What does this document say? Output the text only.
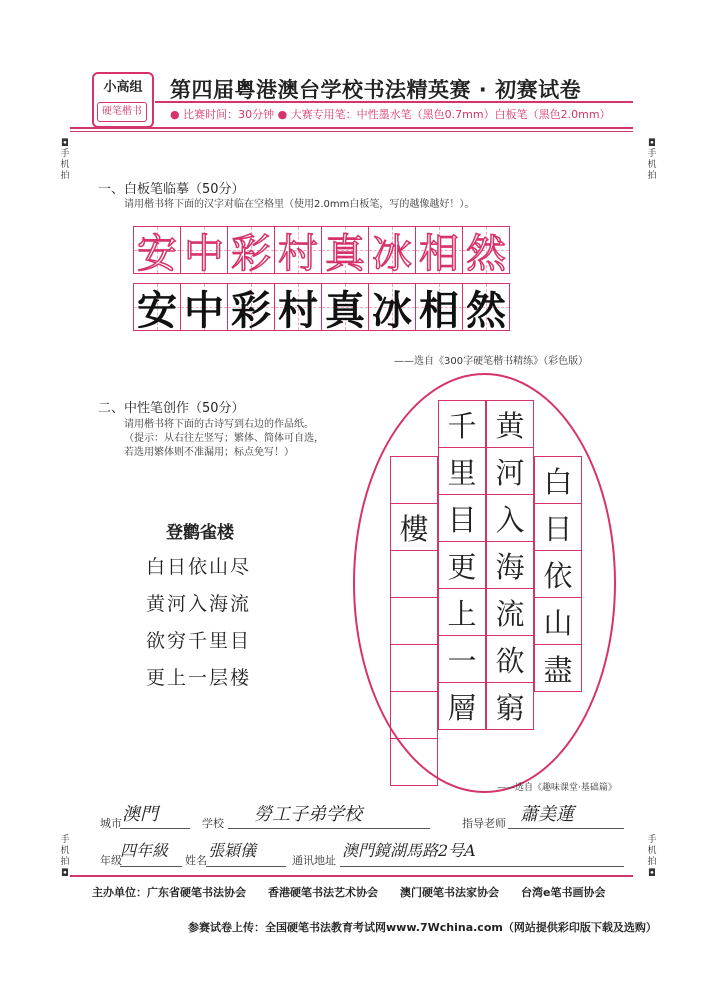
小高组
硬笔楷书
第四届粤港澳台学校书法精英赛 · 初赛试卷
● 比赛时间：30分钟 ● 大赛专用笔：中性墨水笔（黑色0.7mm）白板笔（黑色2.0mm）
◘
手机拍
◘
手机拍
手机拍
◘
手机拍
◘
一、白板笔临摹（50分）
请用楷书将下面的汉字对临在空格里（使用2.0mm白板笔，写的越像越好！）。
安 中 彩 村 真 冰 相 然
安 中 彩 村 真 冰 相 然
——选自《300字硬笔楷书精练》（彩色版）
二、中性笔创作（50分）
请用楷书将下面的古诗写到右边的作品纸。
（提示：从右往左竖写；繁体、简体可自选，
若选用繁体则不准漏用；标点免写！）
登鹳雀楼
白日依山尽
黄河入海流
欲穷千里目
更上一层楼
白
日
依
山
盡
黄
河
入
海
流
欲
窮
千
里
目
更
上
一
層
樓
——选自《趣味课堂·基础篇》
城市 澳門	学校 勞工子弟学校	指导老师 蕭美蓮
年级
四年級
姓名
張穎儀
通讯地址
澳門鏡湖馬路2号A
主办单位：广东省硬笔书法协会　　香港硬笔书法艺术协会　　澳门硬笔书法家协会　　台湾e笔书画协会
参赛试卷上传：全国硬笔书法教育考试网www.7Wchina.com（网站提供彩印版下载及选购）
